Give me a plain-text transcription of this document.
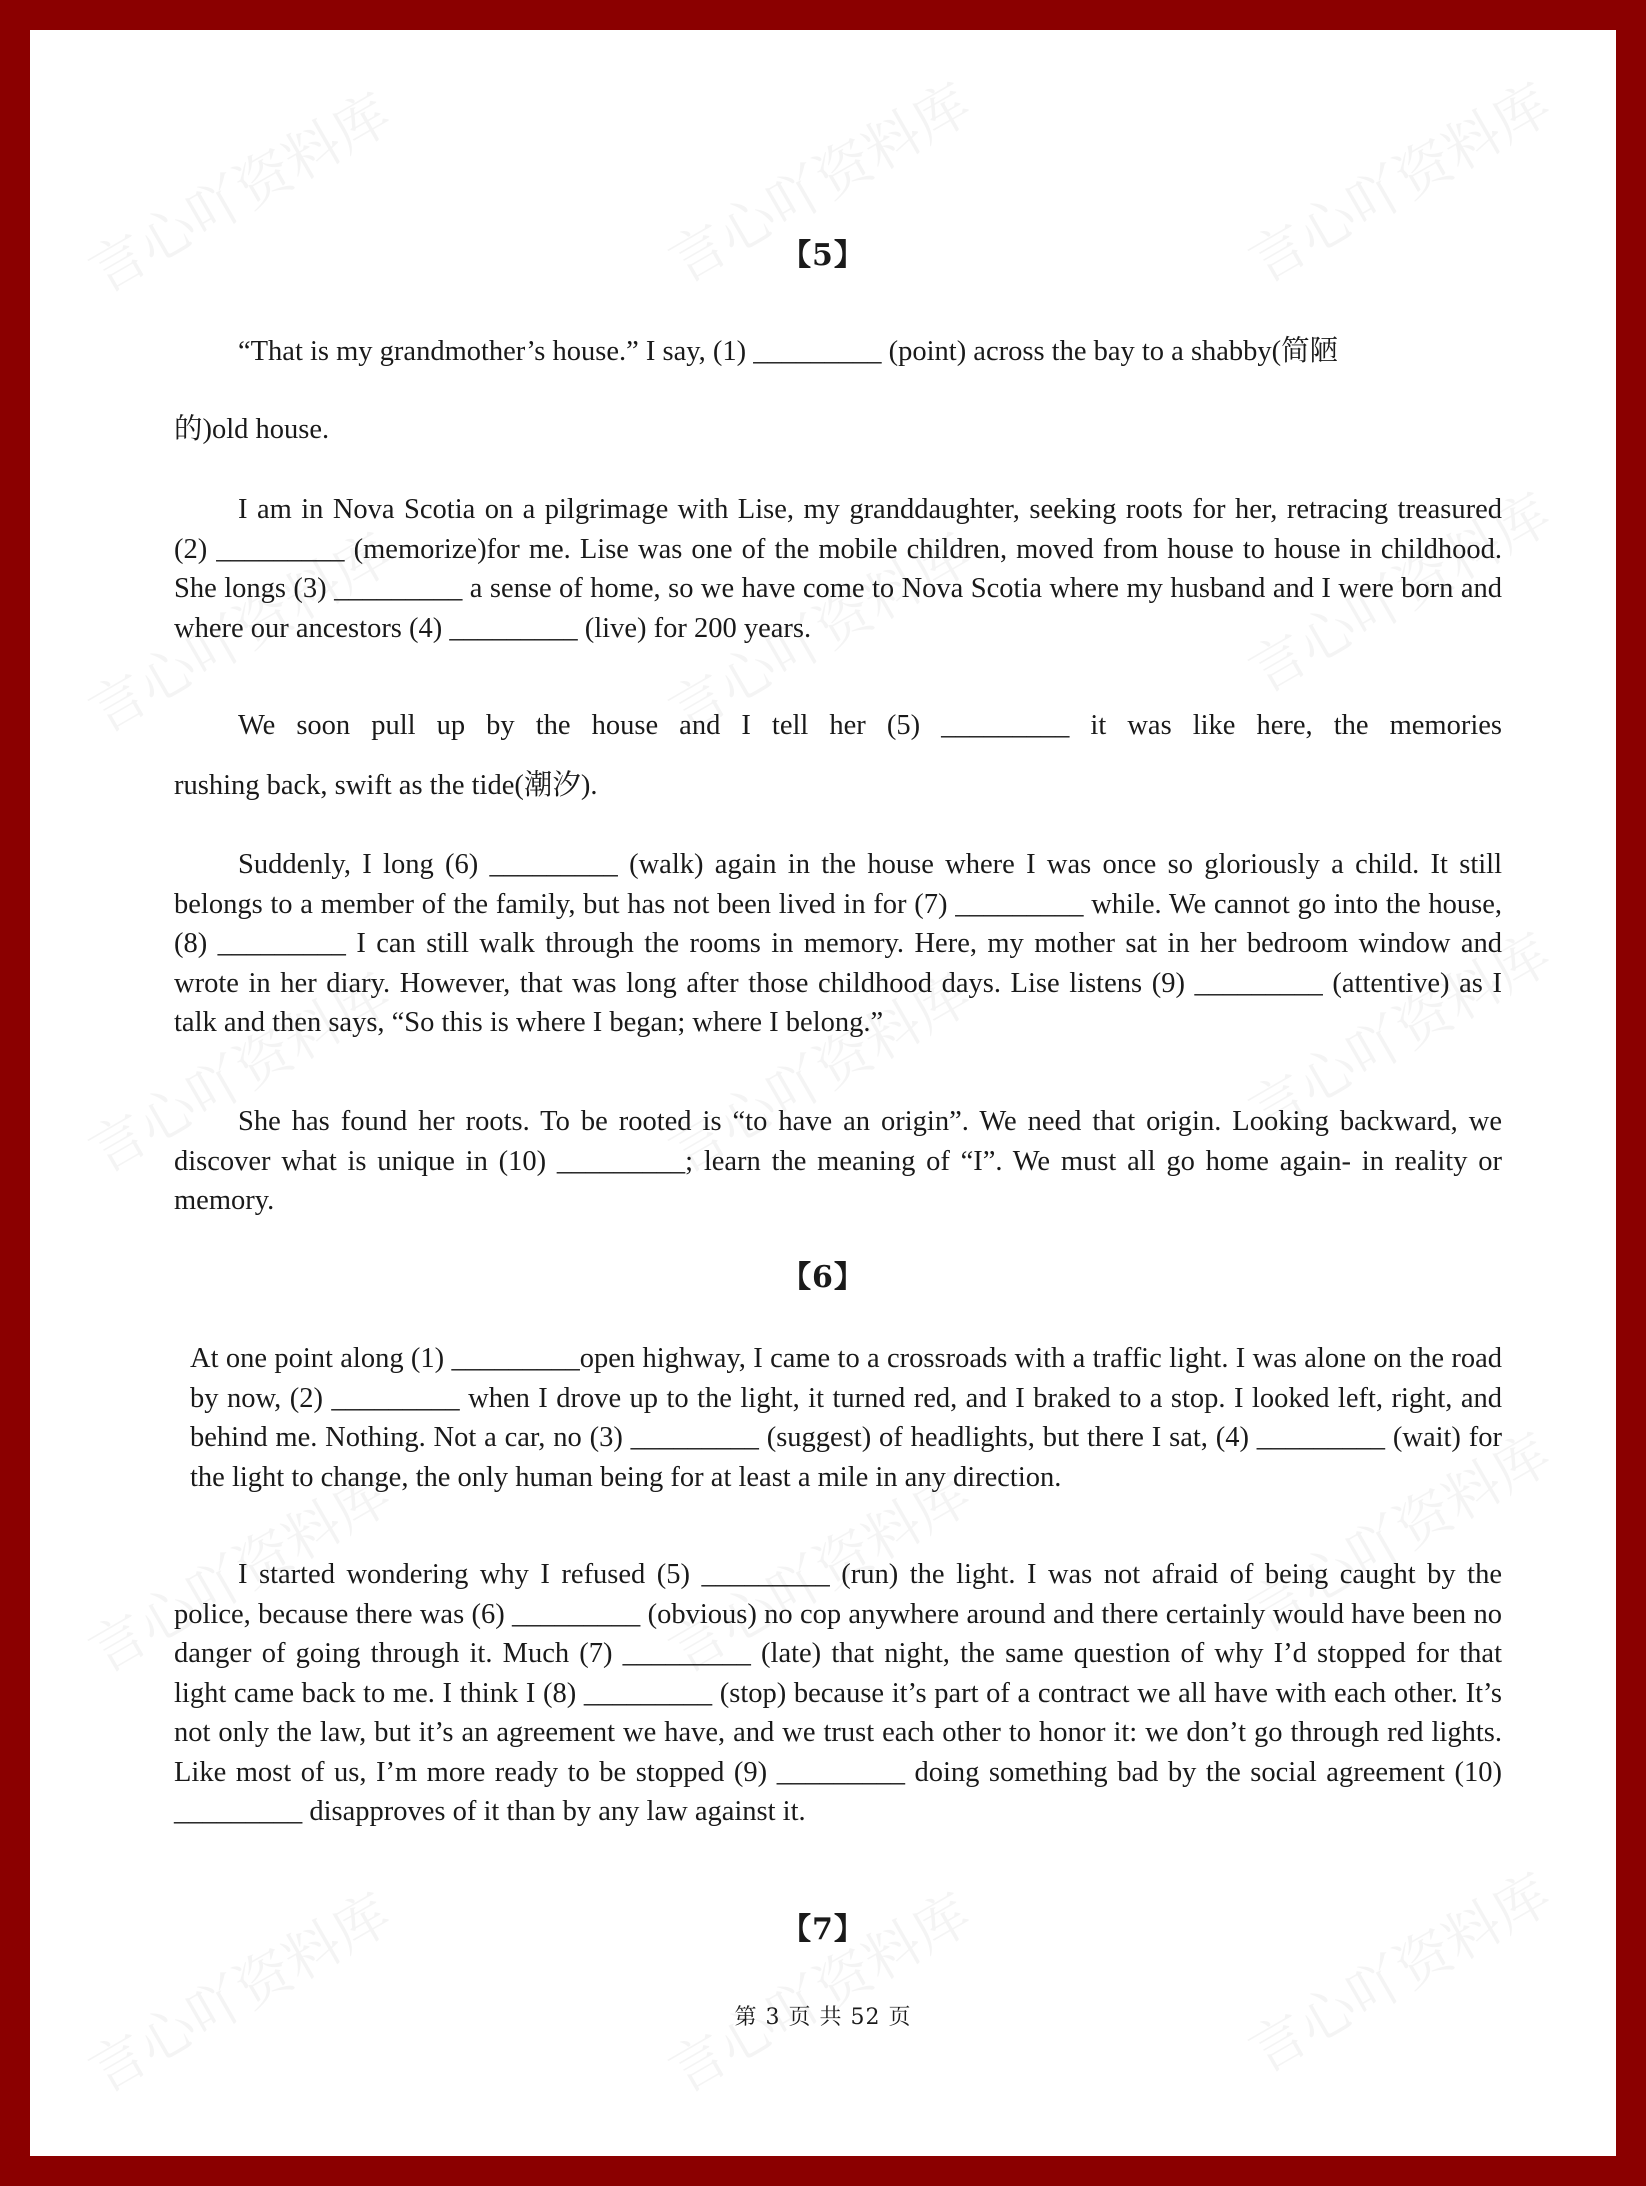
【5】

“That is my grandmother’s house.” I say, (1) _________ (point) across the bay to a shabby(简陋

的)old house.

I am in Nova Scotia on a pilgrimage with Lise, my granddaughter, seeking roots for her, retracing treasured (2) _________ (memorize)for me. Lise was one of the mobile children, moved from house to house in childhood. She longs (3) _________ a sense of home, so we have come to Nova Scotia where my husband and I were born and where our ancestors (4) _________ (live) for 200 years.

We soon pull up by the house and I tell her (5) _________ it was like here, the memories

rushing back, swift as the tide(潮汐).

Suddenly, I long (6) _________ (walk) again in the house where I was once so gloriously a child. It still belongs to a member of the family, but has not been lived in for (7) _________ while. We cannot go into the house, (8) _________ I can still walk through the rooms in memory. Here, my mother sat in her bedroom window and wrote in her diary. However, that was long after those childhood days. Lise listens (9) _________ (attentive) as I talk and then says, “So this is where I began; where I belong.”

She has found her roots. To be rooted is “to have an origin”. We need that origin. Looking backward, we discover what is unique in (10) _________; learn the meaning of “I”. We must all go home again- in reality or memory.

【6】

At one point along (1) _________open highway, I came to a crossroads with a traffic light. I was alone on the road by now, (2) _________ when I drove up to the light, it turned red, and I braked to a stop. I looked left, right, and behind me. Nothing. Not a car, no (3) _________ (suggest) of headlights, but there I sat, (4) _________ (wait) for the light to change, the only human being for at least a mile in any direction.

I started wondering why I refused (5) _________ (run) the light. I was not afraid of being caught by the police, because there was (6) _________ (obvious) no cop anywhere around and there certainly would have been no danger of going through it. Much (7) _________ (late) that night, the same question of why I’d stopped for that light came back to me. I think I (8) _________ (stop) because it’s part of a contract we all have with each other. It’s not only the law, but it’s an agreement we have, and we trust each other to honor it: we don’t go through red lights. Like most of us, I’m more ready to be stopped (9) _________ doing something bad by the social agreement (10) _________ disapproves of it than by any law against it.

【7】
第 3 页 共 52 页
